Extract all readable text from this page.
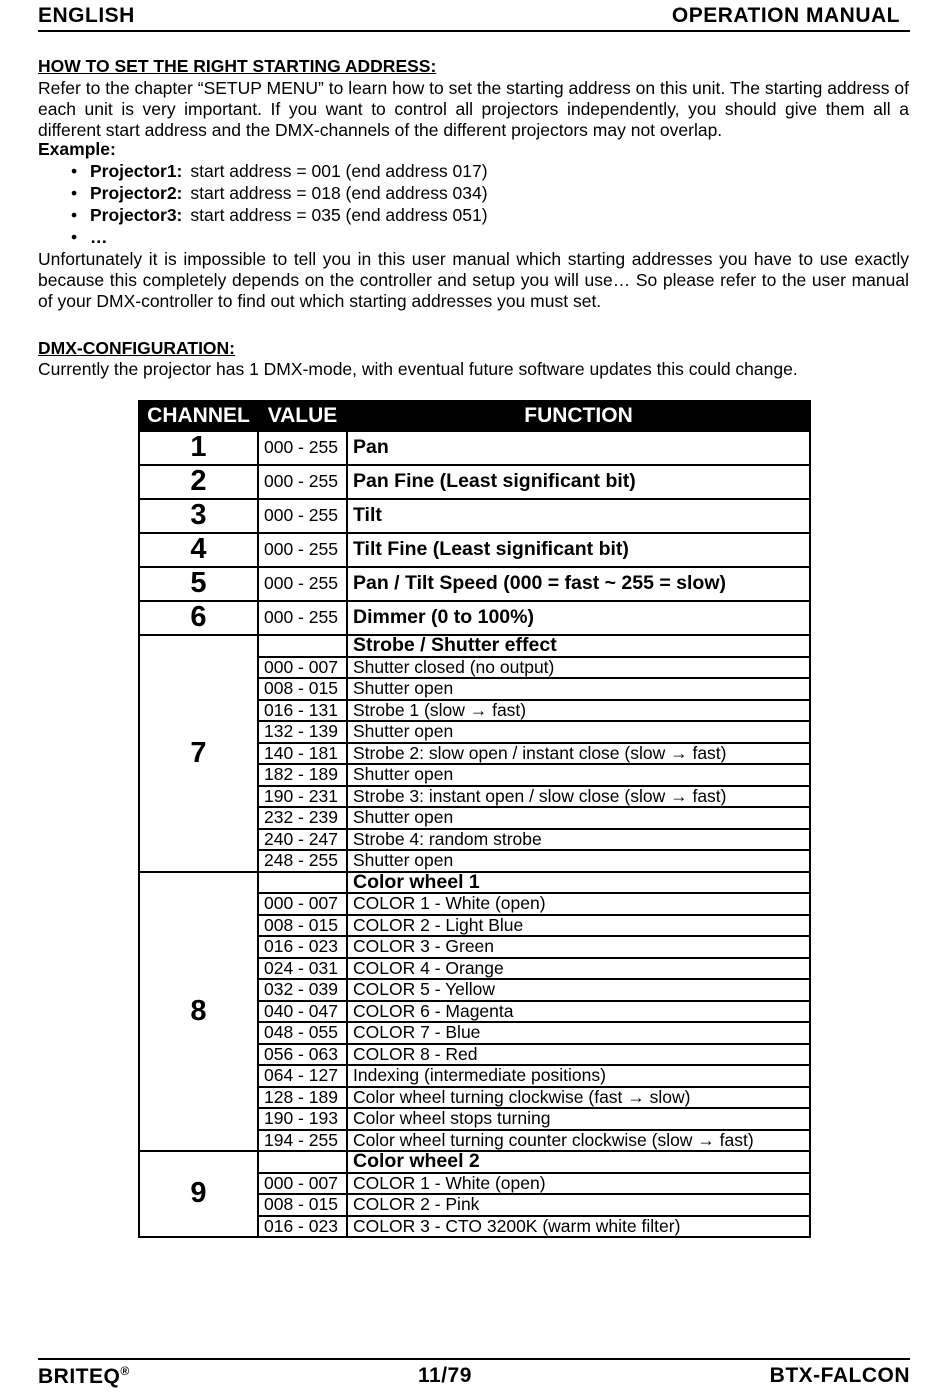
ENGLISH	OPERATION MANUAL
HOW TO SET THE RIGHT STARTING ADDRESS:
Refer to the chapter “SETUP MENU” to learn how to set the starting address on this unit. The starting address of each unit is very important. If you want to control all projectors independently, you should give them all a different start address and the DMX-channels of the different projectors may not overlap.
Example:
• Projector1: start address = 001 (end address 017)
• Projector2: start address = 018 (end address 034)
• Projector3: start address = 035 (end address 051)
• …
Unfortunately it is impossible to tell you in this user manual which starting addresses you have to use exactly because this completely depends on the controller and setup you will use… So please refer to the user manual of your DMX-controller to find out which starting addresses you must set.
DMX-CONFIGURATION:
Currently the projector has 1 DMX-mode, with eventual future software updates this could change.
CHANNEL	VALUE	FUNCTION
1	000 - 255	Pan
2	000 - 255	Pan Fine (Least significant bit)
3	000 - 255	Tilt
4	000 - 255	Tilt Fine (Least significant bit)
5	000 - 255	Pan / Tilt Speed (000 = fast ~ 255 = slow)
6	000 - 255	Dimmer (0 to 100%)
7		Strobe / Shutter effect
	000 - 007	Shutter closed (no output)
	008 - 015	Shutter open
	016 - 131	Strobe 1 (slow → fast)
	132 - 139	Shutter open
	140 - 181	Strobe 2: slow open / instant close (slow → fast)
	182 - 189	Shutter open
	190 - 231	Strobe 3: instant open / slow close (slow → fast)
	232 - 239	Shutter open
	240 - 247	Strobe 4: random strobe
	248 - 255	Shutter open
8		Color wheel 1
	000 - 007	COLOR 1 - White (open)
	008 - 015	COLOR 2 - Light Blue
	016 - 023	COLOR 3 - Green
	024 - 031	COLOR 4 - Orange
	032 - 039	COLOR 5 - Yellow
	040 - 047	COLOR 6 - Magenta
	048 - 055	COLOR 7 - Blue
	056 - 063	COLOR 8 - Red
	064 - 127	Indexing (intermediate positions)
	128 - 189	Color wheel turning clockwise (fast → slow)
	190 - 193	Color wheel stops turning
	194 - 255	Color wheel turning counter clockwise (slow → fast)
9		Color wheel 2
	000 - 007	COLOR 1 - White (open)
	008 - 015	COLOR 2 - Pink
	016 - 023	COLOR 3 - CTO 3200K (warm white filter)
BRITEQ®	11/79	BTX-FALCON
